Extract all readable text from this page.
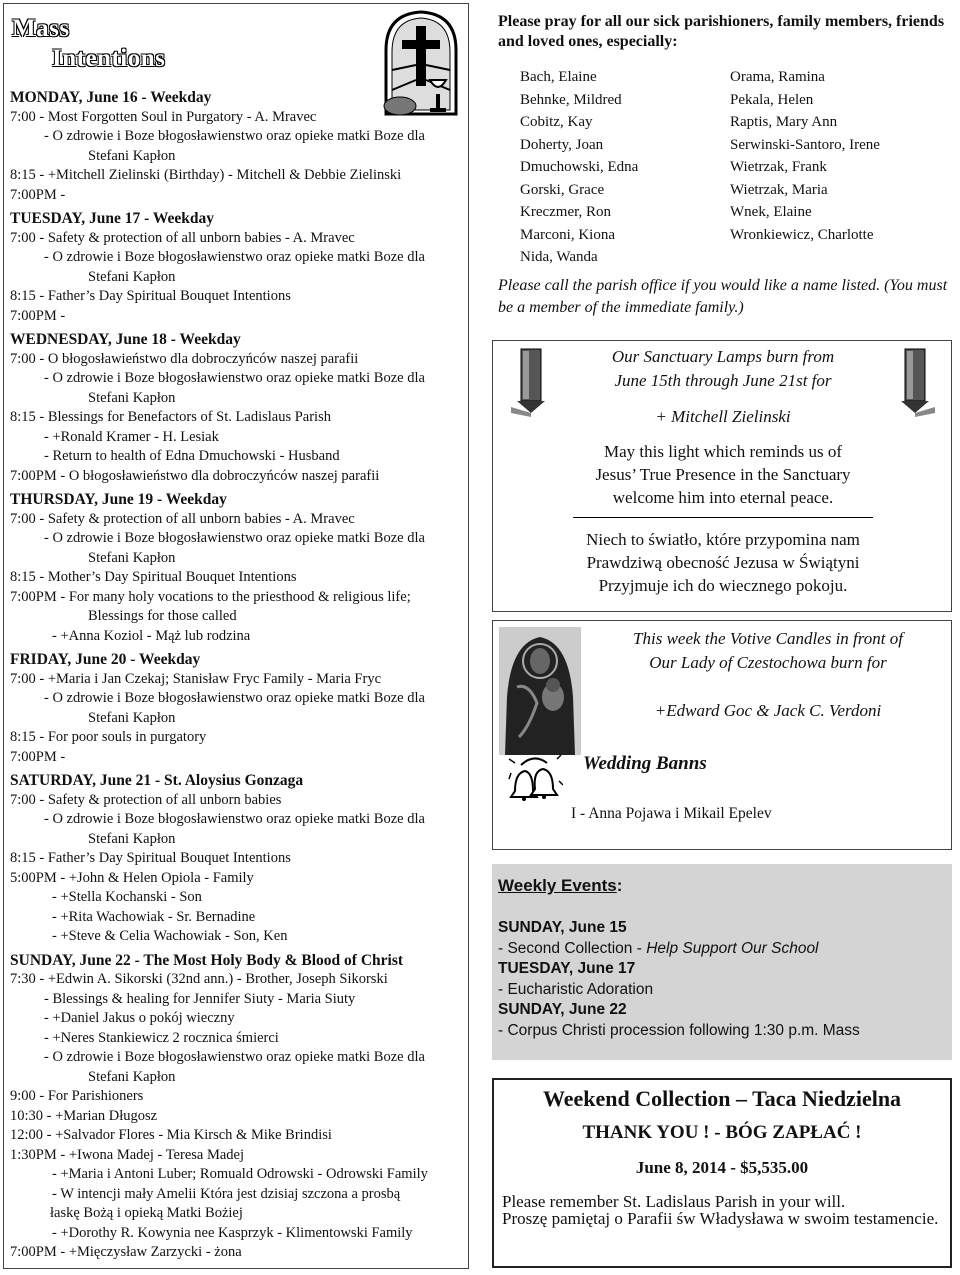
Mass
Intentions
MONDAY, June 16 - Weekday
7:00 - Most Forgotten Soul in Purgatory - A. Mravec
- O zdrowie i Boze błogosławienstwo oraz opieke matki Boze dla
Stefani Kapłon
8:15 - +Mitchell Zielinski (Birthday) - Mitchell & Debbie Zielinski
7:00PM -
TUESDAY, June 17 - Weekday
7:00 - Safety & protection of all unborn babies - A. Mravec
- O zdrowie i Boze błogosławienstwo oraz opieke matki Boze dla
Stefani Kapłon
8:15 - Father’s Day Spiritual Bouquet Intentions
7:00PM -
WEDNESDAY, June 18 - Weekday
7:00 - O błogosławieństwo dla dobroczyńców naszej parafii
- O zdrowie i Boze błogosławienstwo oraz opieke matki Boze dla
Stefani Kapłon
8:15 - Blessings for Benefactors of St. Ladislaus Parish
- +Ronald Kramer - H. Lesiak
- Return to health of Edna Dmuchowski - Husband
7:00PM - O błogosławieństwo dla dobroczyńców naszej parafii
THURSDAY, June 19 - Weekday
7:00 - Safety & protection of all unborn babies - A. Mravec
- O zdrowie i Boze błogosławienstwo oraz opieke matki Boze dla
Stefani Kapłon
8:15 - Mother’s Day Spiritual Bouquet Intentions
7:00PM - For many holy vocations to the priesthood & religious life;
Blessings for those called
- +Anna Koziol - Mąż lub rodzina
FRIDAY, June 20 - Weekday
7:00 - +Maria i Jan Czekaj; Stanisław Fryc Family - Maria Fryc
- O zdrowie i Boze błogosławienstwo oraz opieke matki Boze dla
Stefani Kapłon
8:15 - For poor souls in purgatory
7:00PM -
SATURDAY, June 21 - St. Aloysius Gonzaga
7:00 - Safety & protection of all unborn babies
- O zdrowie i Boze błogosławienstwo oraz opieke matki Boze dla
Stefani Kapłon
8:15 - Father’s Day Spiritual Bouquet Intentions
5:00PM - +John & Helen Opiola - Family
- +Stella Kochanski - Son
- +Rita Wachowiak - Sr. Bernadine
- +Steve & Celia Wachowiak - Son, Ken
SUNDAY, June 22 - The Most Holy Body & Blood of Christ
7:30 - +Edwin A. Sikorski (32nd ann.) - Brother, Joseph Sikorski
- Blessings & healing for Jennifer Siuty - Maria Siuty
- +Daniel Jakus o pokój wieczny
- +Neres Stankiewicz 2 rocznica śmierci
- O zdrowie i Boze błogosławienstwo oraz opieke matki Boze dla
Stefani Kapłon
9:00 - For Parishioners
10:30 - +Marian Długosz
12:00 - +Salvador Flores - Mia Kirsch & Mike Brindisi
1:30PM - +Iwona Madej - Teresa Madej
- +Maria i Antoni Luber; Romuald Odrowski - Odrowski Family
- W intencji mały Amelii Która jest dzisiaj szczona a prosbą
łaskę Bożą i opieką Matki Bożiej
- +Dorothy R. Kowynia nee Kasprzyk - Klimentowski Family
7:00PM - +Mięczysław Zarzycki - żona
Please pray for all our sick parishioners, family members, friends and loved ones, especially:
Bach, Elaine
Behnke, Mildred
Cobitz, Kay
Doherty, Joan
Dmuchowski, Edna
Gorski, Grace
Kreczmer, Ron
Marconi, Kiona
Nida, Wanda
Orama, Ramina
Pekala, Helen
Raptis, Mary Ann
Serwinski-Santoro, Irene
Wietrzak, Frank
Wietrzak, Maria
Wnek, Elaine
Wronkiewicz, Charlotte
Please call the parish office if you would like a name listed. (You must be a member of the immediate family.)
Our Sanctuary Lamps burn from
June 15th through June 21st for
+ Mitchell Zielinski
May this light which reminds us of
Jesus’ True Presence in the Sanctuary
welcome him into eternal peace.
Niech to światło, które przypomina nam
Prawdziwą obecność Jezusa w Świątyni
Przyjmuje ich do wiecznego pokoju.
This week the Votive Candles in front of
Our Lady of Czestochowa burn for
+Edward Goc & Jack C. Verdoni
Wedding Banns
I - Anna Pojawa i Mikail Epelev
Weekly Events:
SUNDAY, June 15
- Second Collection - Help Support Our School
TUESDAY, June 17
- Eucharistic Adoration
SUNDAY, June 22
- Corpus Christi procession following 1:30 p.m. Mass
Weekend Collection – Taca Niedzielna
THANK YOU ! - BÓG ZAPŁAĆ !
June 8, 2014 - $5,535.00
Please remember St. Ladislaus Parish in your will.
Proszę pamiętaj o Parafii św Władysława w swoim testamencie.
